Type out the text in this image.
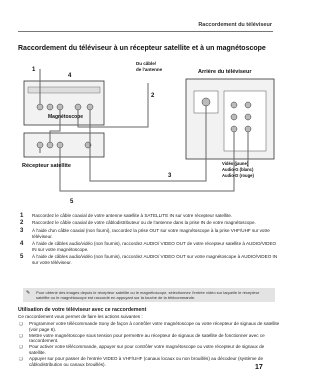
Raccordement du téléviseur
Raccordement du téléviseur à un récepteur satellite et à un magnétoscope
Magnétoscope
Récepteur satellite
Arrière du téléviseur
Du câble/
de l'antenne
Vidéo (jaune)
Audio-G (blanc)
Audio-D (rouge)
1
2
3
4
5
1	Raccordez le câble coaxial de votre antenne satellite à SATELLITE IN sur votre récepteur satellite.
2	Raccordez le câble coaxial de votre câblodistributeur ou de l'antenne dans la prise IN de votre magnétoscope.
3	À l'aide d'un câble coaxial (non fourni), raccordez la prise OUT sur votre magnétoscope à la prise VHF/UHF sur votre téléviseur.
4	À l'aide de câbles audio/vidéo (non fournis), raccordez AUDIO/ VIDEO OUT de votre récepteur satellite à AUDIO/VIDEO IN sur votre magnétoscope.
5	À l'aide de câbles audio/vidéo (non fournis), raccordez AUDIO/ VIDEO OUT sur votre magnétoscope à AUDIO/VIDEO IN sur votre téléviseur.
✎	Pour obtenir des images depuis le récepteur satellite ou le magnétoscope, sélectionnez l'entrée vidéo sur laquelle le récepteur satellite ou le magnétoscope est raccordé en appuyant sur la touche de la télécommande.
Utilisation de votre téléviseur avec ce raccordement
Ce raccordement vous permet de faire les actions suivantes :
❑	Programmer votre télécommande Sony de façon à contrôler votre magnétoscope ou votre récepteur de signaux de satellite (voir page 6).
❑	Mettre votre magnétoscope sous tension pour permettre au récepteur de signaux de satellite de fonctionner avec ce raccordement.
❑	Pour activer votre télécommande, appuyer sur pour contrôler votre magnétoscope ou votre récepteur de signaux de satellite.
❑	Appuyer sur pour passer de l'entrée VIDEO à VHF/UHF (canaux locaux ou non brouillés) au décodeur (système de câblodistribution ou canaux brouillés).	17
